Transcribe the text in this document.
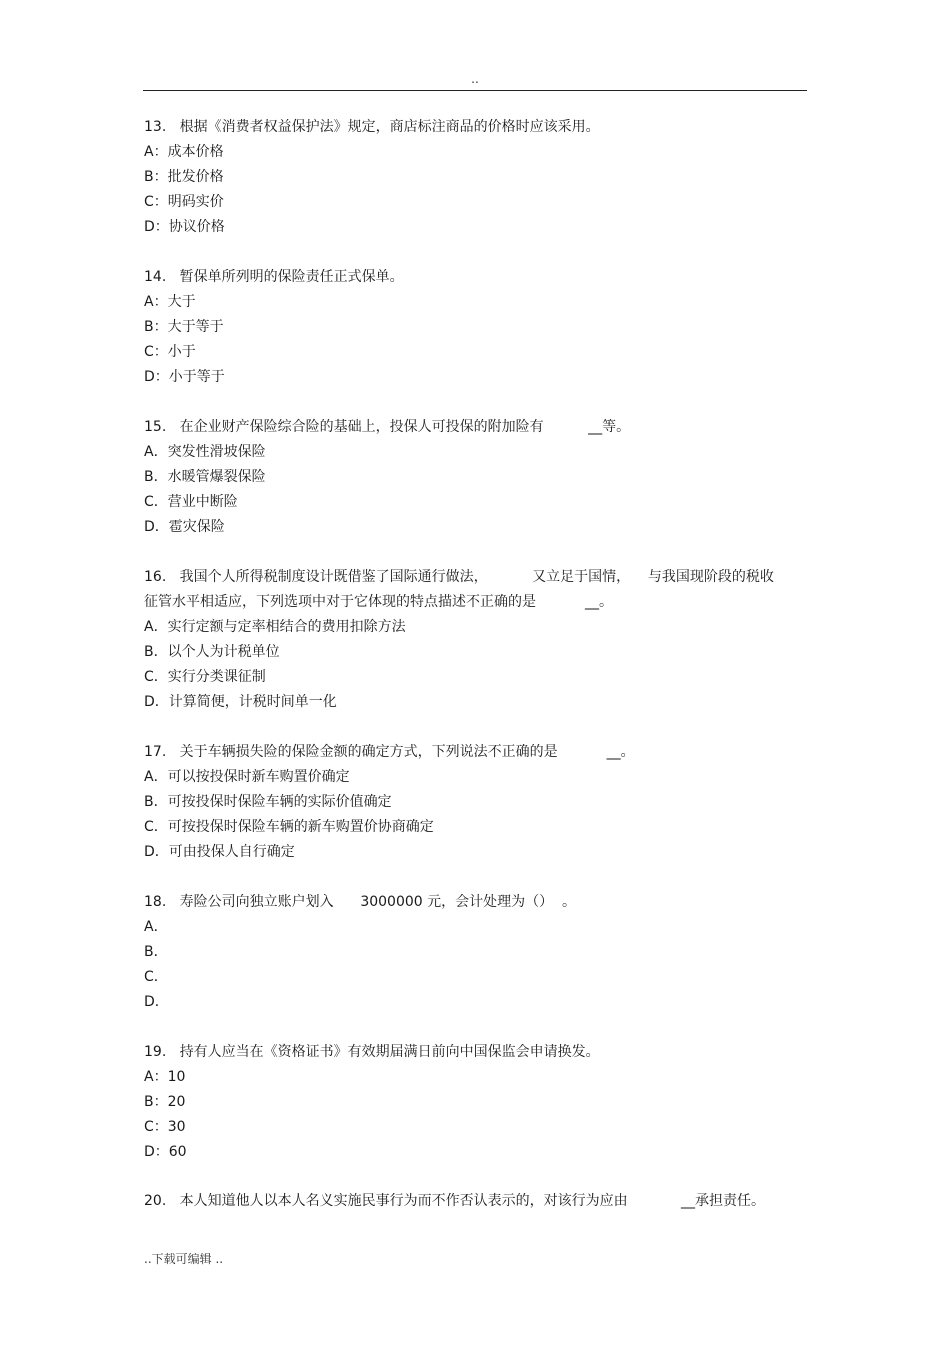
..
13.   根据《消费者权益保护法》规定，商店标注商品的价格时应该采用。
A：成本价格
B：批发价格
C：明码实价
D：协议价格
14.   暂保单所列明的保险责任正式保单。
A：大于
B：大于等于
C：小于
D：小于等于
15.   在企业财产保险综合险的基础上，投保人可投保的附加险有          __等。
A．突发性滑坡保险
B．水暖管爆裂保险
C．营业中断险
D．雹灾保险
16.   我国个人所得税制度设计既借鉴了国际通行做法，          又立足于国情，    与我国现阶段的税收
征管水平相适应，下列选项中对于它体现的特点描述不正确的是           __。
A．实行定额与定率相结合的费用扣除方法
B．以个人为计税单位
C．实行分类课征制
D．计算简便，计税时间单一化
17.   关于车辆损失险的保险金额的确定方式，下列说法不正确的是           __。
A．可以按投保时新车购置价确定
B．可按投保时保险车辆的实际价值确定
C．可按投保时保险车辆的新车购置价协商确定
D．可由投保人自行确定
18.   寿险公司向独立账户划入      3000000 元，会计处理为（）  。
A．
B．
C．
D．
19.   持有人应当在《资格证书》有效期届满日前向中国保监会申请换发。
A：10
B：20
C：30
D：60
20.   本人知道他人以本人名义实施民事行为而不作否认表示的，对该行为应由            __承担责任。
..下载可编辑 ..
